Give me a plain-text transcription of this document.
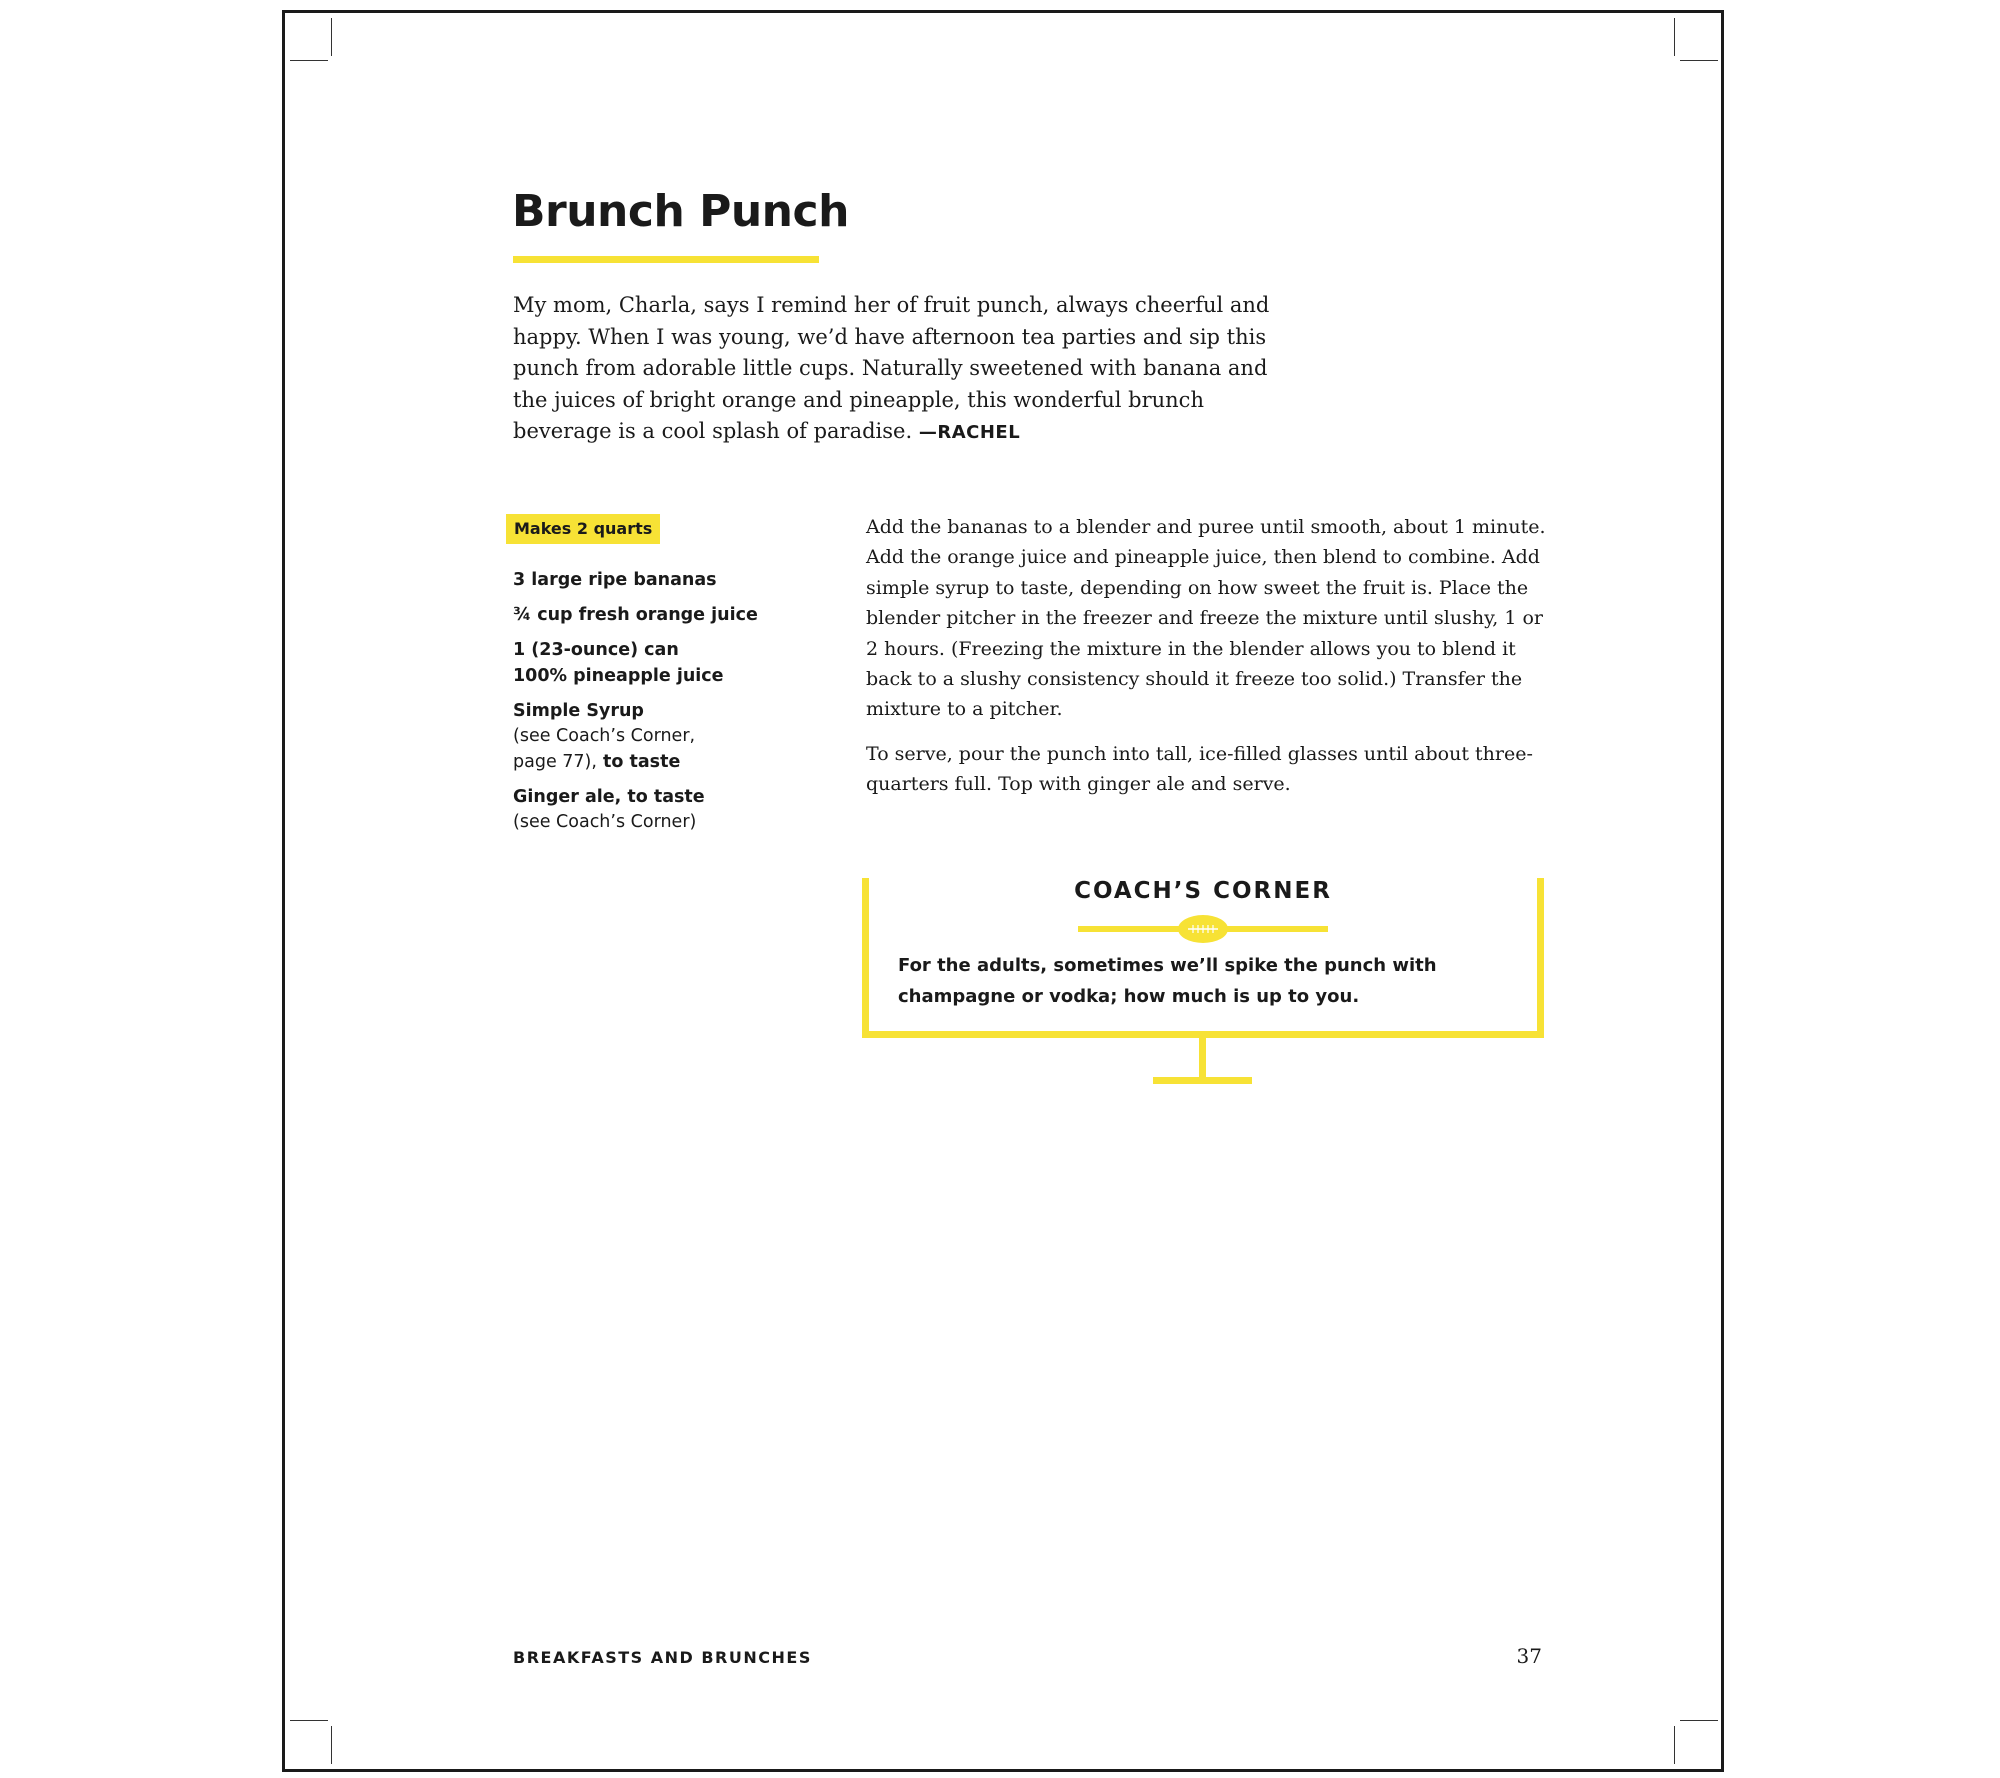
Brunch Punch

My mom, Charla, says I remind her of fruit punch, always cheerful and happy. When I was young, we’d have afternoon tea parties and sip this punch from adorable little cups. Naturally sweetened with banana and the juices of bright orange and pineapple, this wonderful brunch beverage is a cool splash of paradise. —RACHEL

Makes 2 quarts
3 large ripe bananas
¾ cup fresh orange juice
1 (23-ounce) can
100% pineapple juice
Simple Syrup
(see Coach’s Corner,
page 77), to taste
Ginger ale, to taste
(see Coach’s Corner)

Add the bananas to a blender and puree until smooth, about 1 minute. Add the orange juice and pineapple juice, then blend to combine. Add simple syrup to taste, depending on how sweet the fruit is. Place the blender pitcher in the freezer and freeze the mixture until slushy, 1 or 2 hours. (Freezing the mixture in the blender allows you to blend it back to a slushy consistency should it freeze too solid.) Transfer the mixture to a pitcher.

To serve, pour the punch into tall, ice-filled glasses until about three-quarters full. Top with ginger ale and serve.

COACH’S CORNER

For the adults, sometimes we’ll spike the punch with champagne or vodka; how much is up to you.

BREAKFASTS AND BRUNCHES	37
